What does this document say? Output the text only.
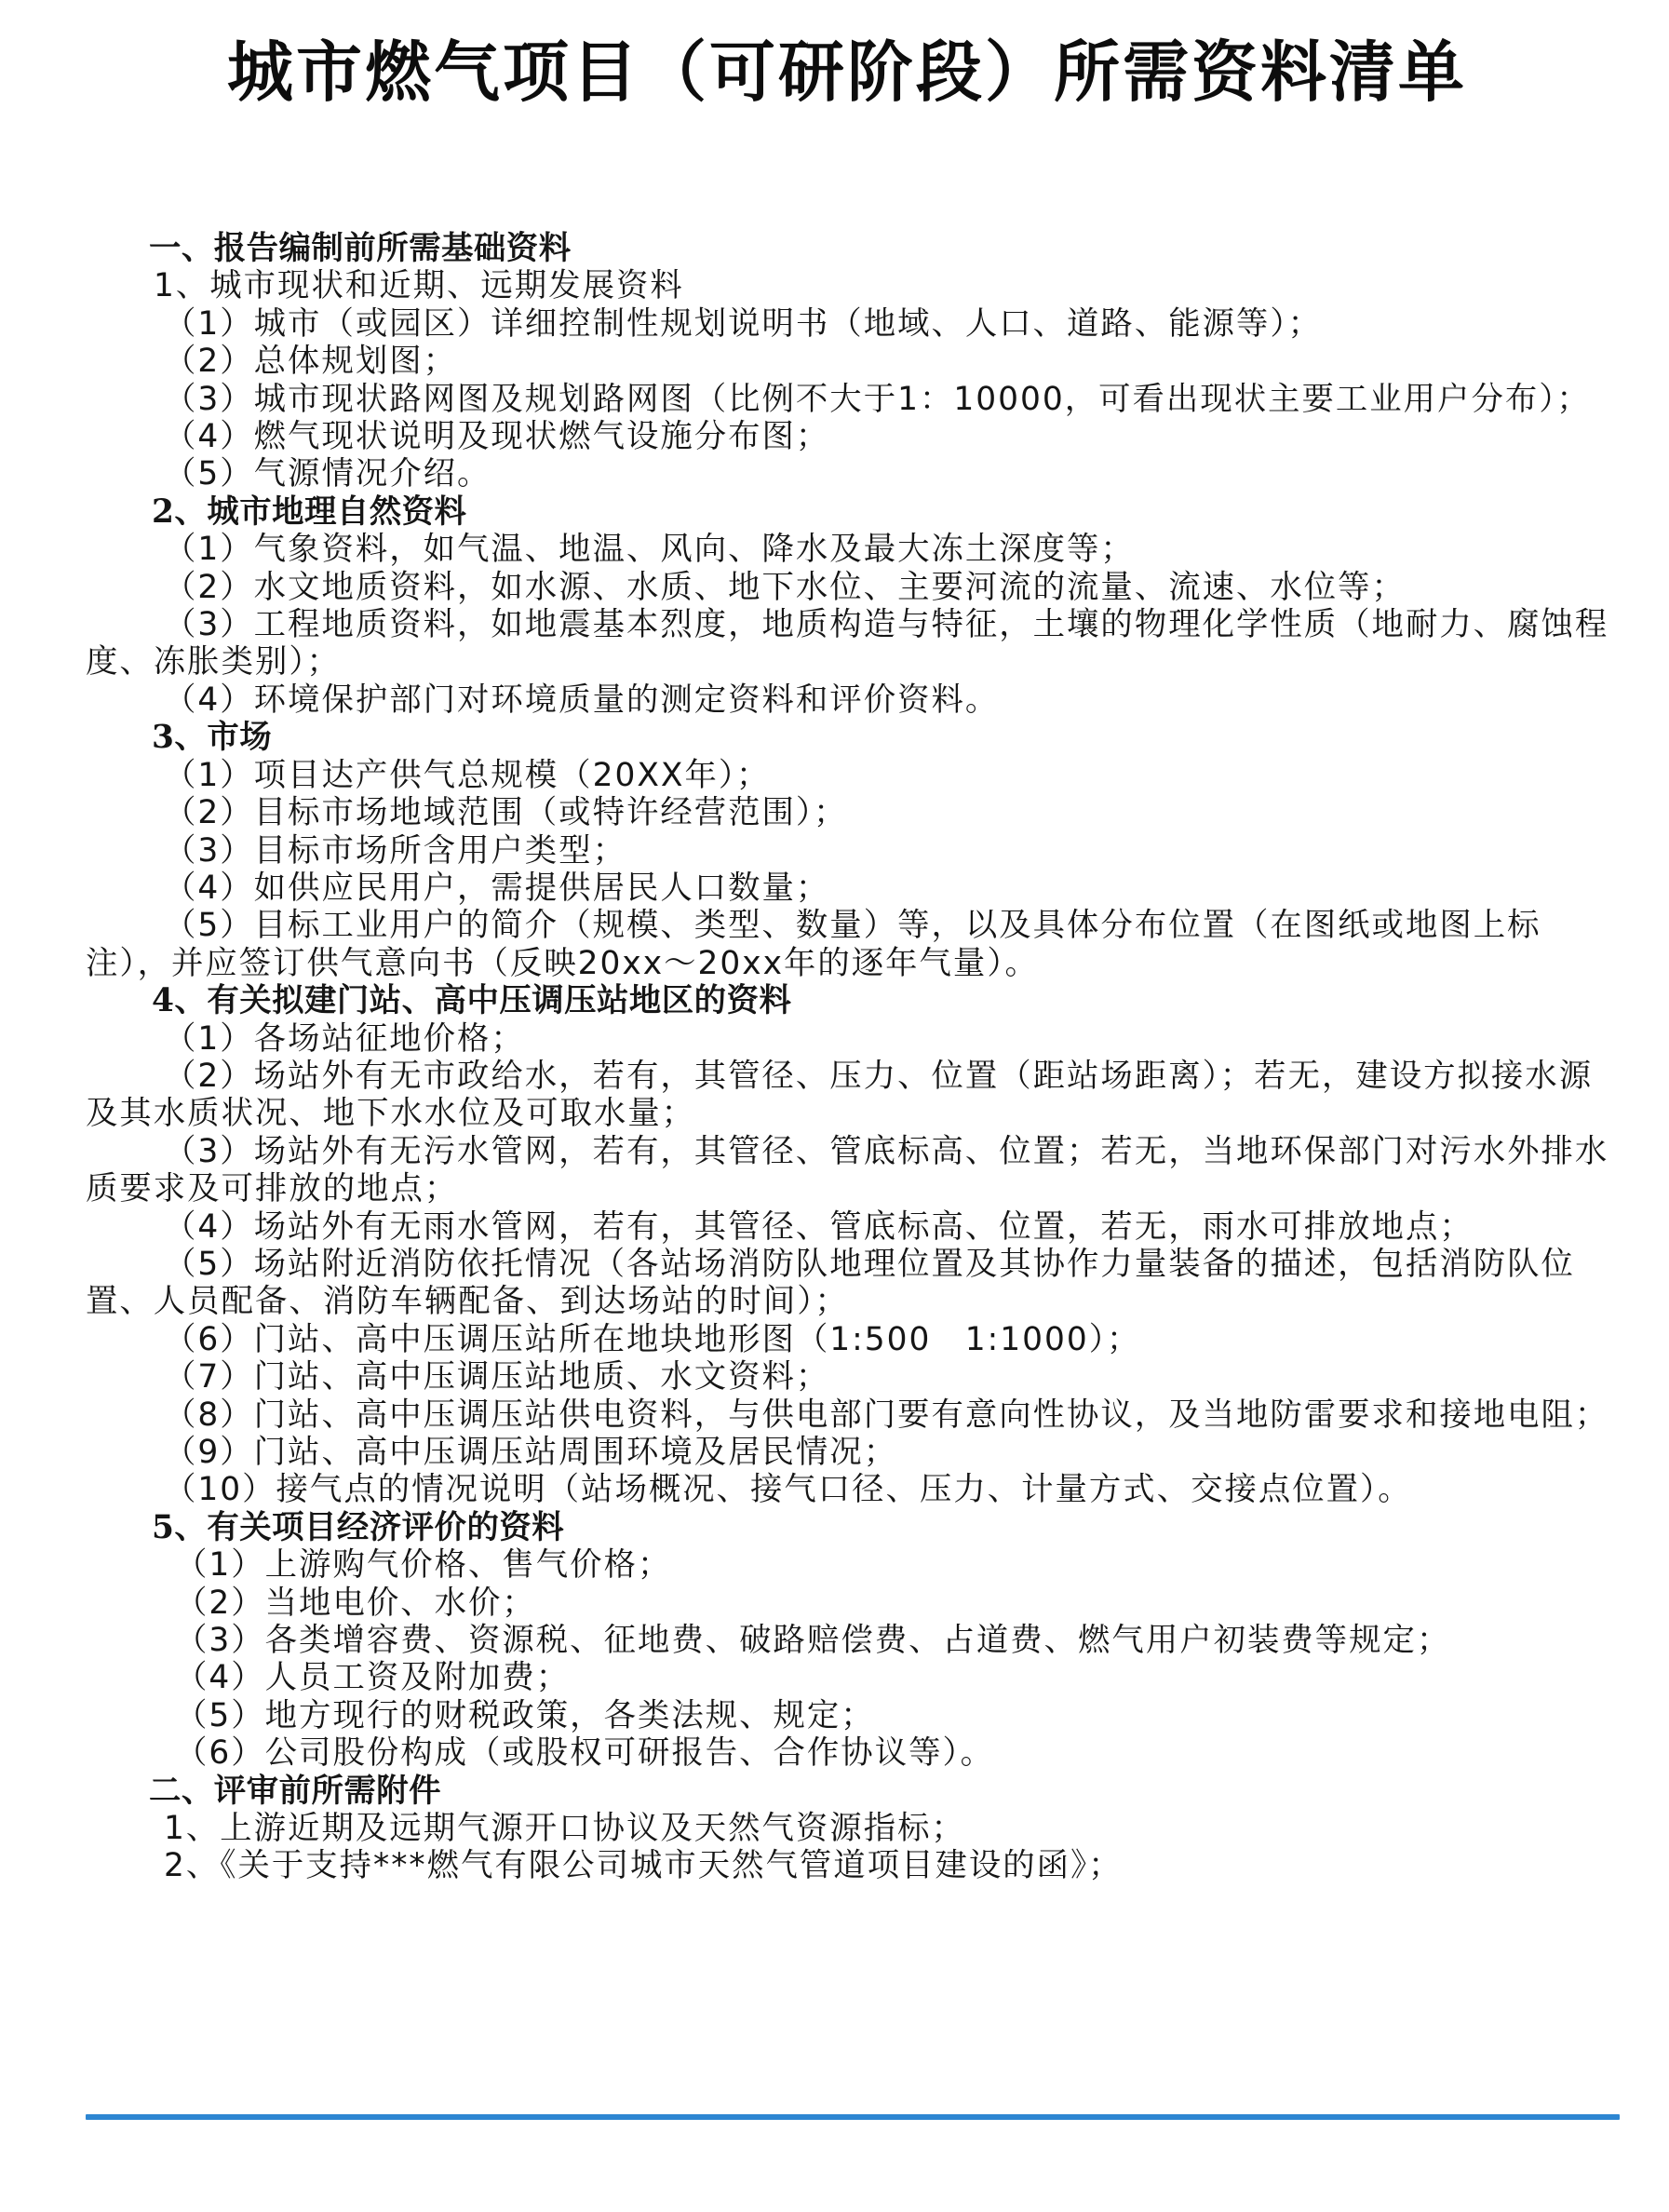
城市燃气项目（可研阶段）所需资料清单
一、报告编制前所需基础资料
1、城市现状和近期、远期发展资料
（1）城市（或园区）详细控制性规划说明书（地域、人口、道路、能源等）；
（2）总体规划图；
（3）城市现状路网图及规划路网图（比例不大于1：10000，可看出现状主要工业用户分布）；
（4）燃气现状说明及现状燃气设施分布图；
（5）气源情况介绍。
2、城市地理自然资料
（1）气象资料，如气温、地温、风向、降水及最大冻土深度等；
（2）水文地质资料，如水源、水质、地下水位、主要河流的流量、流速、水位等；
（3）工程地质资料，如地震基本烈度，地质构造与特征，土壤的物理化学性质（地耐力、腐蚀程度、冻胀类别）；
（4）环境保护部门对环境质量的测定资料和评价资料。
3、市场
（1）项目达产供气总规模（20XX年）；
（2）目标市场地域范围（或特许经营范围）；
（3）目标市场所含用户类型；
（4）如供应民用户，需提供居民人口数量；
（5）目标工业用户的简介（规模、类型、数量）等，以及具体分布位置（在图纸或地图上标注），并应签订供气意向书（反映20xx～20xx年的逐年气量）。
4、有关拟建门站、高中压调压站地区的资料
（1）各场站征地价格；
（2）场站外有无市政给水，若有，其管径、压力、位置（距站场距离）；若无，建设方拟接水源及其水质状况、地下水水位及可取水量；
（3）场站外有无污水管网，若有，其管径、管底标高、位置；若无，当地环保部门对污水外排水质要求及可排放的地点；
（4）场站外有无雨水管网，若有，其管径、管底标高、位置，若无，雨水可排放地点；
（5）场站附近消防依托情况（各站场消防队地理位置及其协作力量装备的描述，包括消防队位置、人员配备、消防车辆配备、到达场站的时间）；
（6）门站、高中压调压站所在地块地形图（1:500　1:1000）；
（7）门站、高中压调压站地质、水文资料；
（8）门站、高中压调压站供电资料，与供电部门要有意向性协议，及当地防雷要求和接地电阻；
（9）门站、高中压调压站周围环境及居民情况；
（10）接气点的情况说明（站场概况、接气口径、压力、计量方式、交接点位置）。
5、有关项目经济评价的资料
（1）上游购气价格、售气价格；
（2）当地电价、水价；
（3）各类增容费、资源税、征地费、破路赔偿费、占道费、燃气用户初装费等规定；
（4）人员工资及附加费；
（5）地方现行的财税政策，各类法规、规定；
（6）公司股份构成（或股权可研报告、合作协议等）。
二、评审前所需附件
1、上游近期及远期气源开口协议及天然气资源指标；
2、《关于支持***燃气有限公司城市天然气管道项目建设的函》；
